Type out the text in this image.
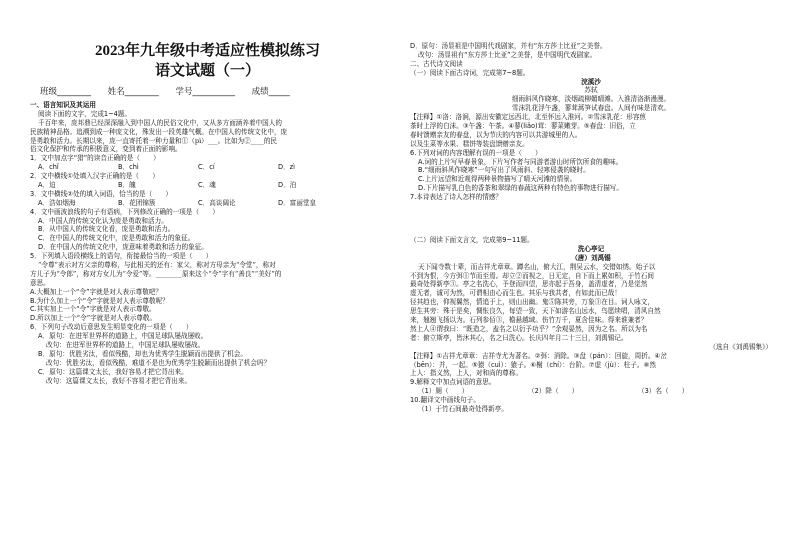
2023年九年级中考适应性模拟练习
语文试题（一）
班级________ 姓名________ 学号__________ 成绩_____
一、语言知识及其运用
阅读下面的文字，完成1~4题。
千百年来，庞邦鼎已经深深融入到中国人的民俗文化中，又从多方面涵养着中国人的
民族精神品格。追溯到成一种庞文化，殊发出一段英雄气概。在中国人的传统文化中，庞
是勇敢和活力。长期以来，庞一直寄托着一种力量和①（pì）___。比如为②____的民
俗文化保护和传承的积极意义，变到着正面的影响。
1．文中加点字“猎”的读音正确的是（　　）
A．chǐ	B．chì	C．cí	D．zì
2．文中横线①处填入汉字正确的是（　　）
A．迫	B．魄	C．魂	D．泊
3．文中横线②处的填入词语，恰当的是（　　）
A．浩如烟海	B．花团锦簇	C．高谈阔论	D．富丽堂皇
4．文中画波浪线的句子有语病，下列修改正确的一项是（　　）
A．中国人的传统文化认为庞是勇敢和活力。
B．从中国人的传统文化看，庞是勇敢和活力。
C．在中国人的传统文化中，庞是勇敢和活力的象征。
D．在中国人的传统文化中，庞意味着勇敢和活力的象征。
5．下列填入语段横线上的语句，衔接最恰当的一项是（　　）
“令尊”表示对方父亲的尊称，与此相关的还有：家父，称对方母亲为“令堂”，称对
方儿子为“令郎”，称对方女儿为“令爱”等。________原来这个“令”字有“善良”“美好”的
意思。
A.大概加上一个“令”字就是对人表示尊敬吧？
B.为什么加上一个“令”字就是对人表示尊敬呢？
C.其实加上一个“令”字就是对人表示尊敬。
D.所以加上一个“令”字就是对人表示尊敬。
6．下列句子改动后意思发生明显变化的一项是（　　）
A．原句：在进军世界杯的道路上，中国足球队屡战屡败。
改句：在进军世界杯的道路上，中国足球队屡败屡战。
B．原句：优胜劣汰，看似残酷，却也为优秀学生脱颖而出提供了机会。
改句：优胜劣汰，看似残酷，难道不是也为优秀学生脱颖而出提供了机会吗？
C．原句：这篇课文太长，我好容易才把它背出来。
改句：这篇课文太长，我好不容易才把它背出来。
D．原句：汤显祖是中国明代戏剧家，并有“东方莎士比亚”之美誉。
改句：汤显祖有“东方莎士比亚”之美誉，是中国明代戏剧家。
二、古代诗文阅读
（一）阅读下面古诗词，完成第7~8题。
浣溪沙
苏轼
细雨斜风作晓寒，淡烟疏柳媚晴滩。入淮清洛渐漫漫。
雪沫乳花浮午盏，蓼茸蒿笋试春盘。人间有味是清欢。
【注释】①洛：洛涧，源出安徽定远西北，北至怀远入淮河。②雪沫乳花：形容煎
茶时上浮的白沫。③午盏：午茶。④蓼(liǎo)茸：蓼菜嫩芽。⑤春盘：旧俗，立
春时馈赠亲友的春盘，以为节庆的内容可以共游城里的人。
以及生菜等水果、糕饼等装盘馈赠亲友。
6.下列对词的内容理解有误的一项是（　　）
A.词的上片写早春景象，下片写作者与同游者游山时所饮所食的趣味。
B.“细雨斜风作晓寒”一句写出了风雨斜、轻寒侵袭的晓时。
C.上片远望和近观得两种景物描写了晴天河滩的情景。
D.下片描写乳白色的香茶和翠绿的春蔬这两种有特色的事物进行描写。
7.本诗表达了诗人怎样的情感？
（二）阅读下面文言文，完成第9~11题。
洗心亭记
（唐）刘禹锡
天下闻寺数十辈，而吉祥尤章章。蹲名山，俯大江，荆吴云水，交错如绣。始子以
不到为恨，今方弭①节而至焉。却立②而视之，日无定，自下而上累如积，于竹石间
最奇处得新亭③。亭之名洗心，予登而四望，思亦起于吾身，盖清虚者，乃是觉然
虚无者，诚可为然，可谓相由心而生也。其乐与我共者，有如此而已哉！
径其趋也，仰视翼然，情追于上，则山出幽。鬼⑤陈其旁，万象③在目。词人咏文，
思生其旁：殊于是矣，惆怅良久，每望一致，天下如游名山远水，鸟愿续唱，清风自然
来，翘翘飞扬以为。石列参佰③，檐悬越域。伤竹万千，夏含佳味。得来谁兼者？
然上人④谓我曰：“既造之，盍名之以衍予功乎？”余观晏然，因为之名。所以为名
者：俯立斯亭，皆沐其心，名之曰洗心。长庆四年月二十三日，刘禹锡记。
（选自《刘禹锡集》）
【注释】①吉祥尤章章：吉祥寺尤为著名。②弭：消除。③盘（pán）：回旋，周折。④岔
（bēn）：并，一起。⑤猿（cuì）：猿子。⑥榭（chí）：台阶。⑦虚（jù）：柱子。⑧然
上人：指义然，上人，对和尚的尊称。
9.解释文中加点词语的意思。
（1）厕（　　）	（2）降（　　）	（3）名（　　）
10.翻译文中画线句子。
（1）于竹石间最奇处得新亭。
